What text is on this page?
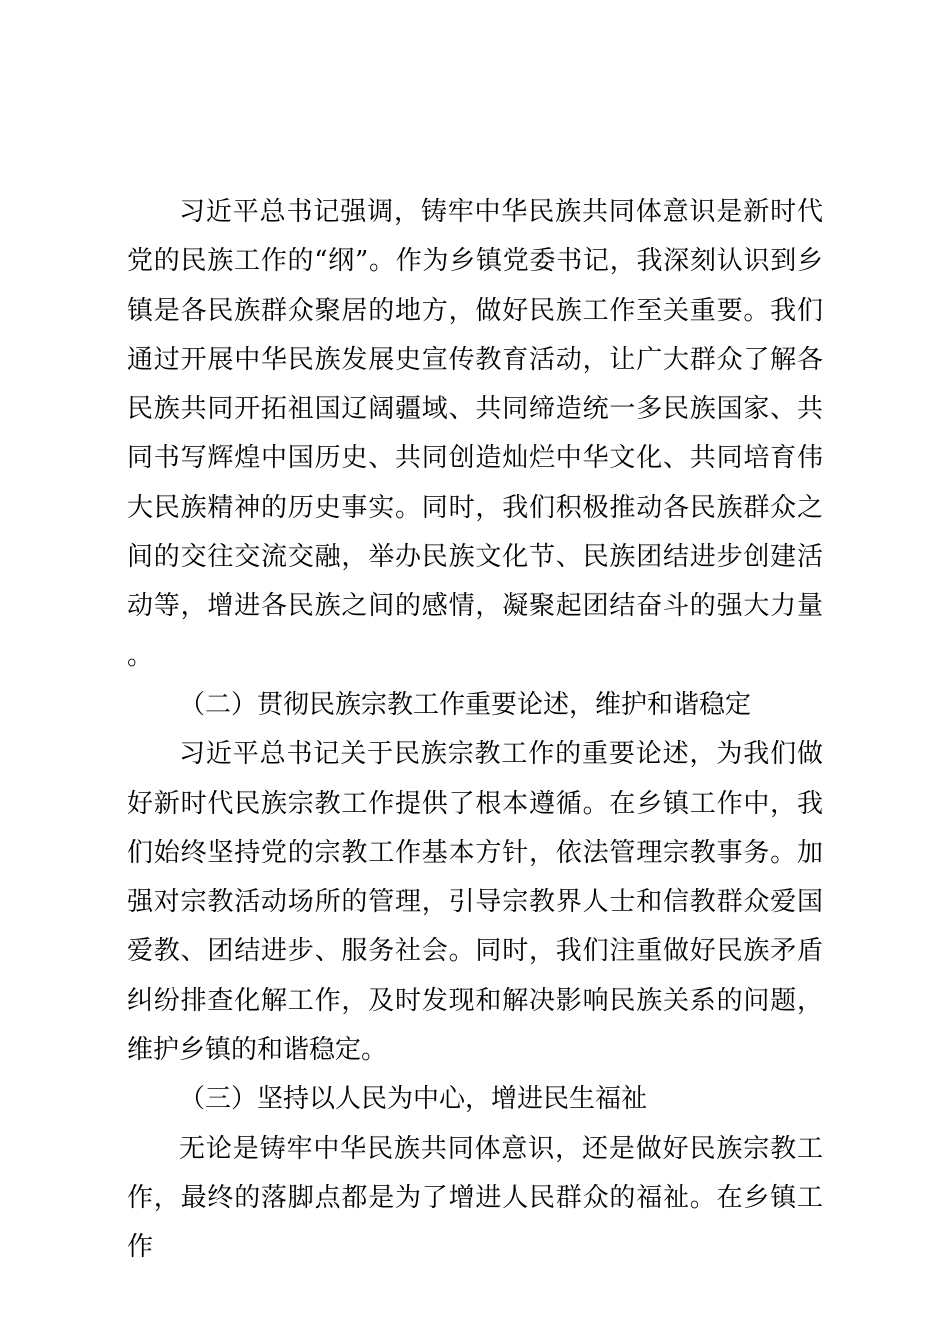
习近平总书记强调，铸牢中华民族共同体意识是新时代党的民族工作的“纲”。作为乡镇党委书记，我深刻认识到乡镇是各民族群众聚居的地方，做好民族工作至关重要。我们通过开展中华民族发展史宣传教育活动，让广大群众了解各民族共同开拓祖国辽阔疆域、共同缔造统一多民族国家、共同书写辉煌中国历史、共同创造灿烂中华文化、共同培育伟大民族精神的历史事实。同时，我们积极推动各民族群众之间的交往交流交融，举办民族文化节、民族团结进步创建活动等，增进各民族之间的感情，凝聚起团结奋斗的强大力量。

（二）贯彻民族宗教工作重要论述，维护和谐稳定

习近平总书记关于民族宗教工作的重要论述，为我们做好新时代民族宗教工作提供了根本遵循。在乡镇工作中，我们始终坚持党的宗教工作基本方针，依法管理宗教事务。加强对宗教活动场所的管理，引导宗教界人士和信教群众爱国爱教、团结进步、服务社会。同时，我们注重做好民族矛盾纠纷排查化解工作，及时发现和解决影响民族关系的问题，维护乡镇的和谐稳定。

（三）坚持以人民为中心，增进民生福祉

无论是铸牢中华民族共同体意识，还是做好民族宗教工作，最终的落脚点都是为了增进人民群众的福祉。在乡镇工作
